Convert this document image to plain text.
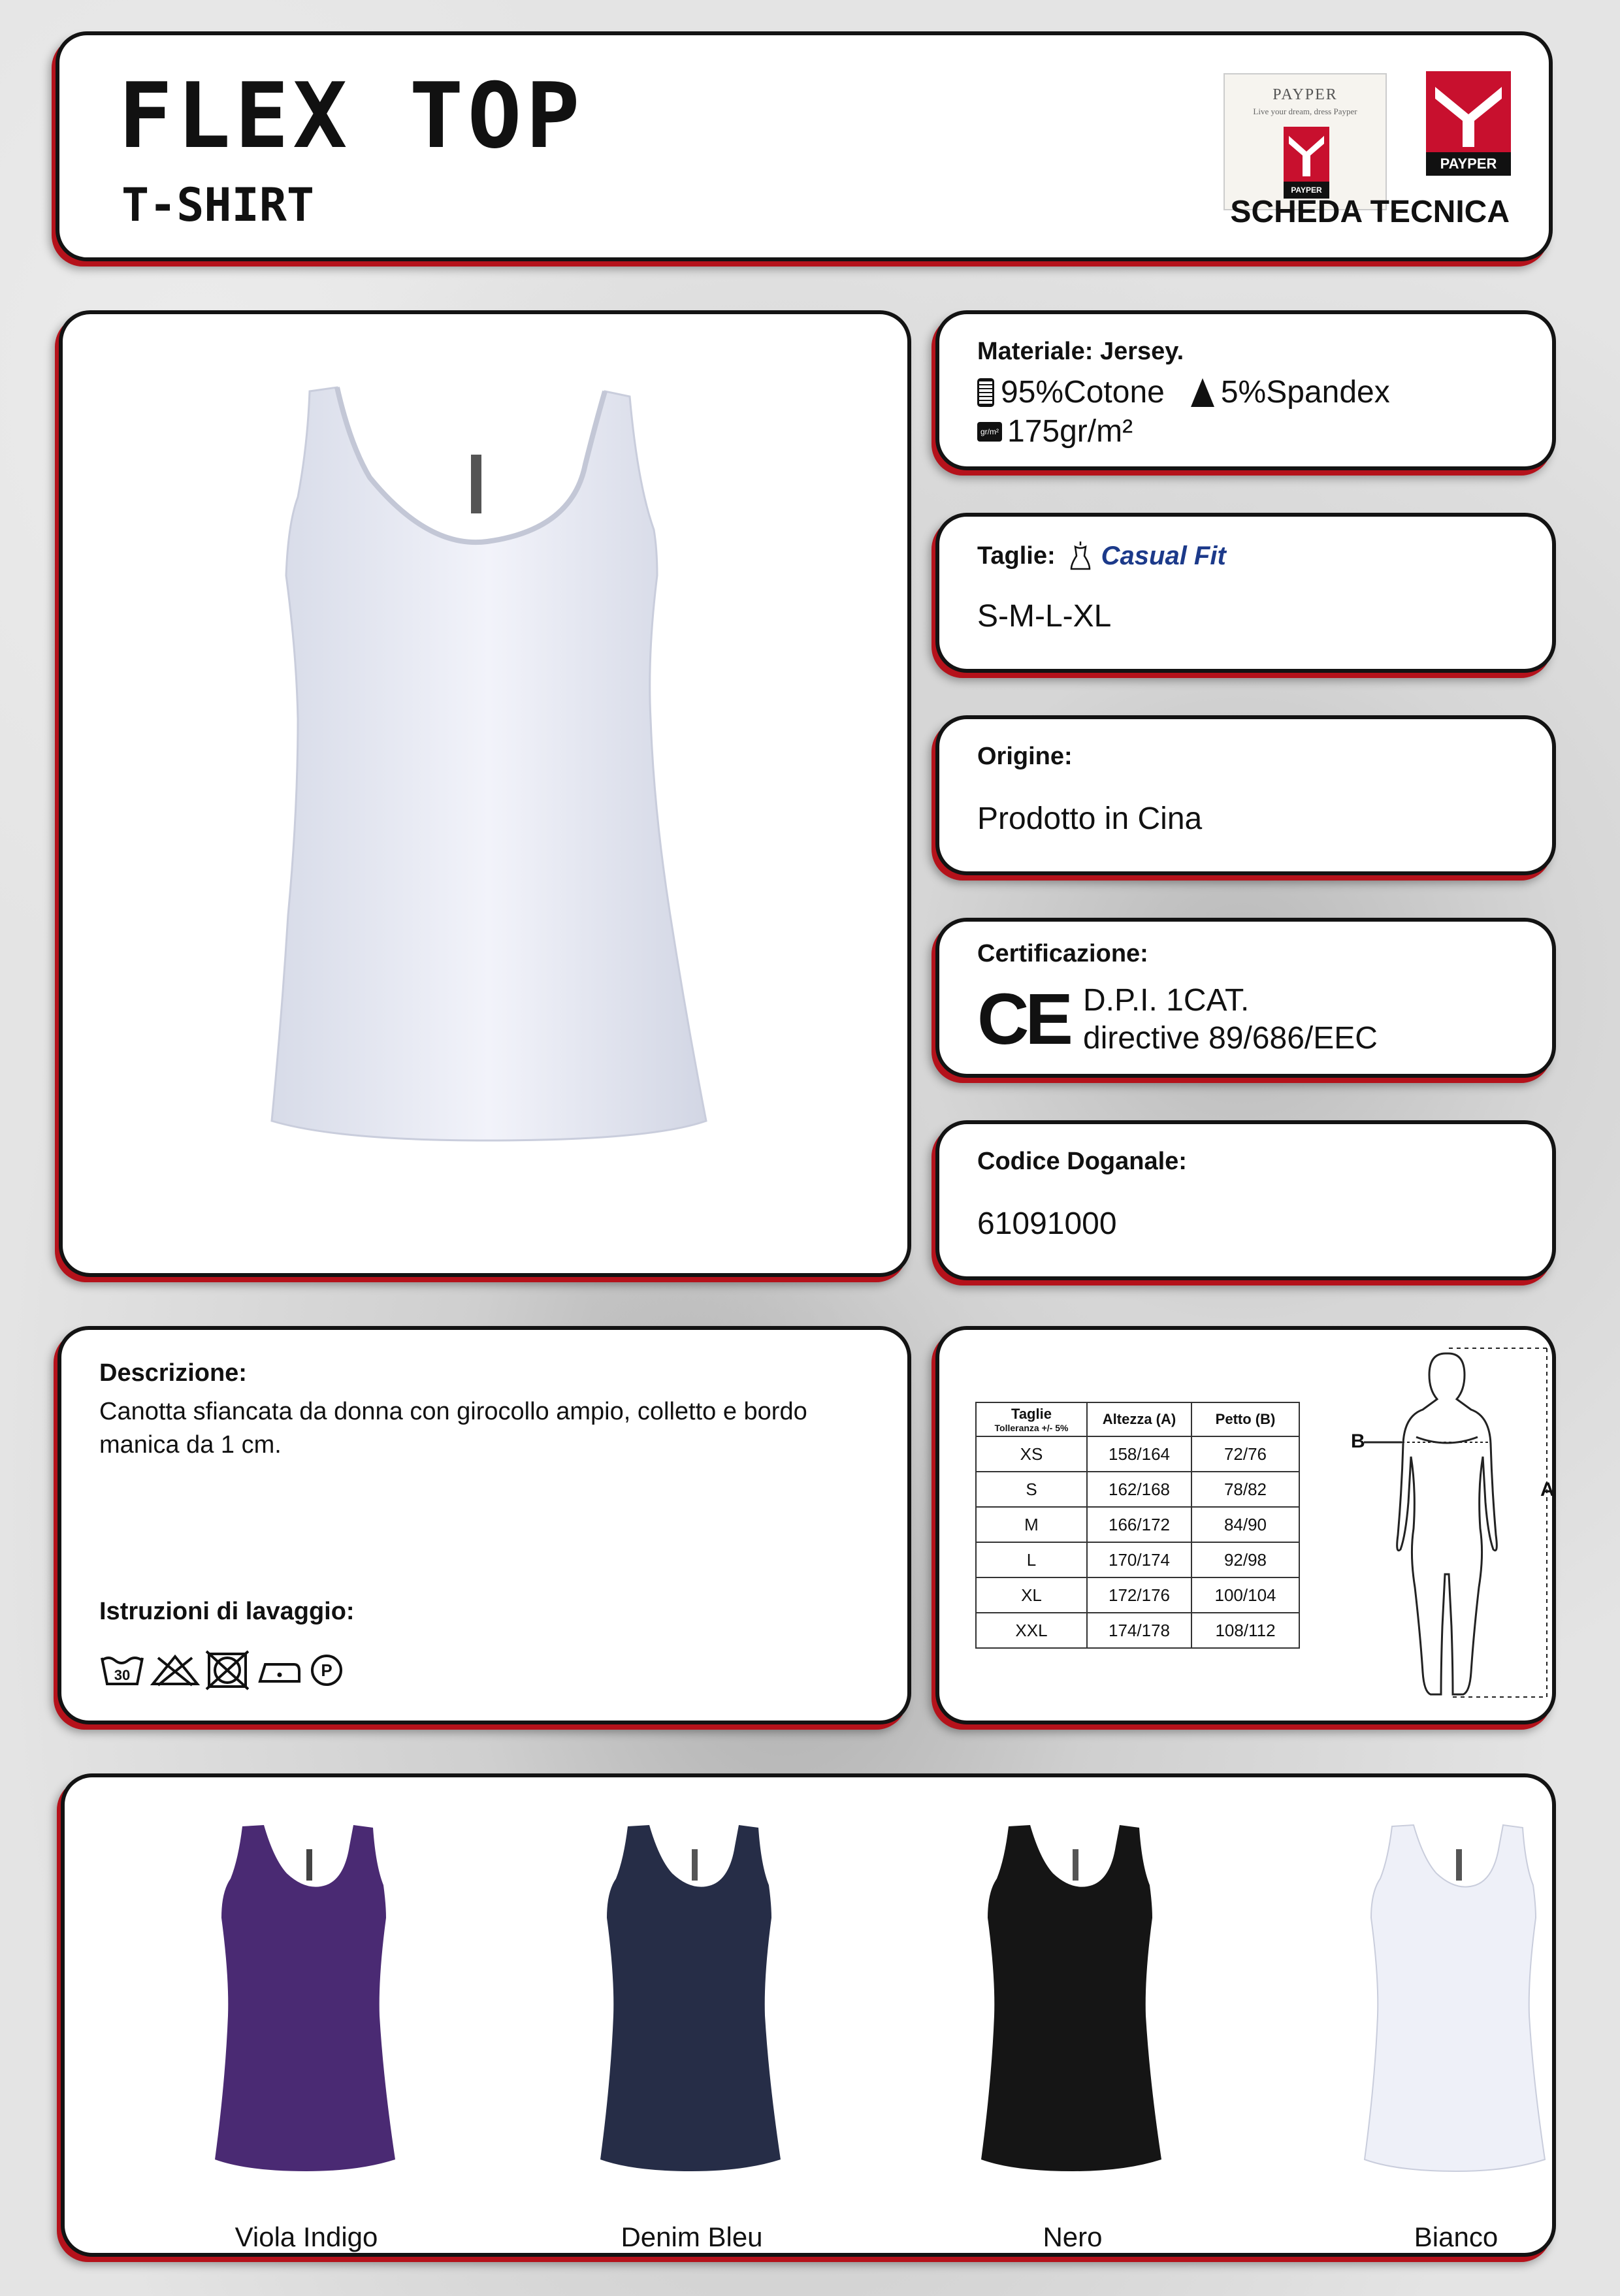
FLEX TOP
T-SHIRT
PAYPER
Live your dream, dress Payper
PAYPER
PAYPER
SCHEDA TECNICA
Materiale: Jersey.
95%Cotone 5%Spandex
gr/m² 175gr/m²
Taglie: Casual Fit
S-M-L-XL
Origine:
Prodotto in Cina
Certificazione:
CE D.P.I. 1CAT.
directive 89/686/EEC
Codice Doganale:
61091000
Descrizione:
Canotta sfiancata da donna con girocollo ampio, colletto e bordo manica da 1 cm.
Istruzioni di lavaggio:
30	P
Taglie
Tolleranza +/- 5%	Altezza (A)	Petto (B)
XS	158/164	72/76
S	162/168	78/82
M	166/172	84/90
L	170/174	92/98
XL	172/176	100/104
XXL	174/178	108/112
B
A
Viola Indigo	Denim Bleu	Nero	Bianco
